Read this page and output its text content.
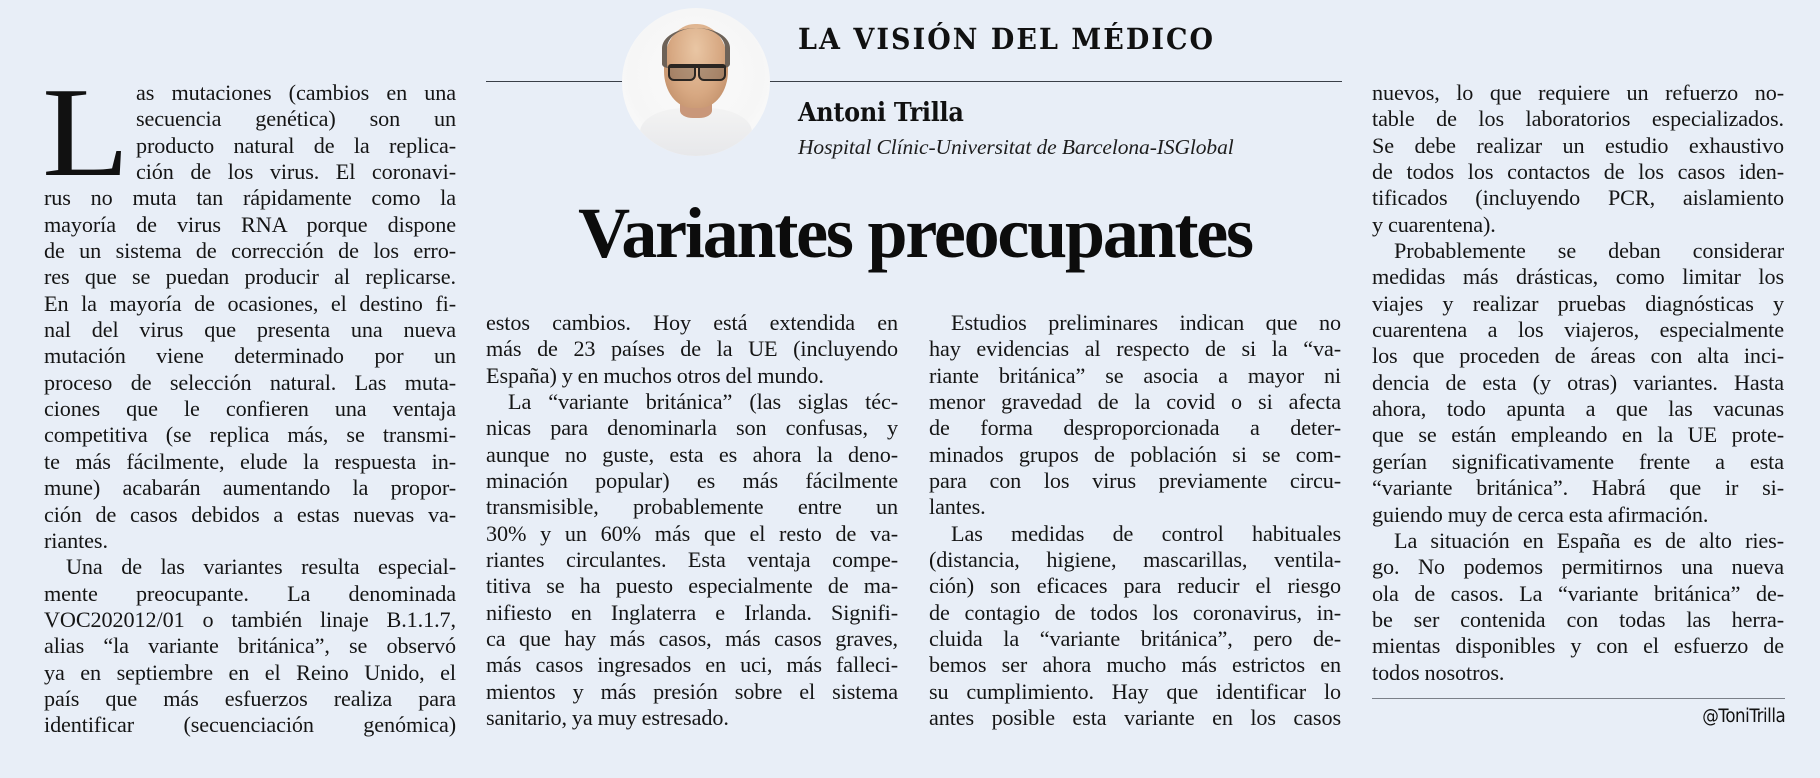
LA VISIÓN DEL MÉDICO
Antoni Trilla
Hospital Clínic-Universitat de Barcelona-ISGlobal
Variantes preocupantes
L as mutaciones (cambios en una
secuencia genética) son un
producto natural de la replica-
ción de los virus. El coronavi-
rus no muta tan rápidamente como la
mayoría de virus RNA porque dispone
de un sistema de corrección de los erro-
res que se puedan producir al replicarse.
En la mayoría de ocasiones, el destino fi-
nal del virus que presenta una nueva
mutación viene determinado por un
proceso de selección natural. Las muta-
ciones que le confieren una ventaja
competitiva (se replica más, se transmi-
te más fácilmente, elude la respuesta in-
mune) acabarán aumentando la propor-
ción de casos debidos a estas nuevas va-
riantes.
Una de las variantes resulta especial-
mente preocupante. La denominada
VOC202012/01 o también linaje B.1.1.7,
alias “la variante británica”, se observó
ya en septiembre en el Reino Unido, el
país que más esfuerzos realiza para
identificar (secuenciación genómica)
estos cambios. Hoy está extendida en
más de 23 países de la UE (incluyendo
España) y en muchos otros del mundo.
La “variante británica” (las siglas téc-
nicas para denominarla son confusas, y
aunque no guste, esta es ahora la deno-
minación popular) es más fácilmente
transmisible, probablemente entre un
30% y un 60% más que el resto de va-
riantes circulantes. Esta ventaja compe-
titiva se ha puesto especialmente de ma-
nifiesto en Inglaterra e Irlanda. Signifi-
ca que hay más casos, más casos graves,
más casos ingresados en uci, más falleci-
mientos y más presión sobre el sistema
sanitario, ya muy estresado.
Estudios preliminares indican que no
hay evidencias al respecto de si la “va-
riante británica” se asocia a mayor ni
menor gravedad de la covid o si afecta
de forma desproporcionada a deter-
minados grupos de población si se com-
para con los virus previamente circu-
lantes.
Las medidas de control habituales
(distancia, higiene, mascarillas, ventila-
ción) son eficaces para reducir el riesgo
de contagio de todos los coronavirus, in-
cluida la “variante británica”, pero de-
bemos ser ahora mucho más estrictos en
su cumplimiento. Hay que identificar lo
antes posible esta variante en los casos
nuevos, lo que requiere un refuerzo no-
table de los laboratorios especializados.
Se debe realizar un estudio exhaustivo
de todos los contactos de los casos iden-
tificados (incluyendo PCR, aislamiento
y cuarentena).
Probablemente se deban considerar
medidas más drásticas, como limitar los
viajes y realizar pruebas diagnósticas y
cuarentena a los viajeros, especialmente
los que proceden de áreas con alta inci-
dencia de esta (y otras) variantes. Hasta
ahora, todo apunta a que las vacunas
que se están empleando en la UE prote-
gerían significativamente frente a esta
“variante británica”. Habrá que ir si-
guiendo muy de cerca esta afirmación.
La situación en España es de alto ries-
go. No podemos permitirnos una nueva
ola de casos. La “variante británica” de-
be ser contenida con todas las herra-
mientas disponibles y con el esfuerzo de
todos nosotros.
@ToniTrilla
